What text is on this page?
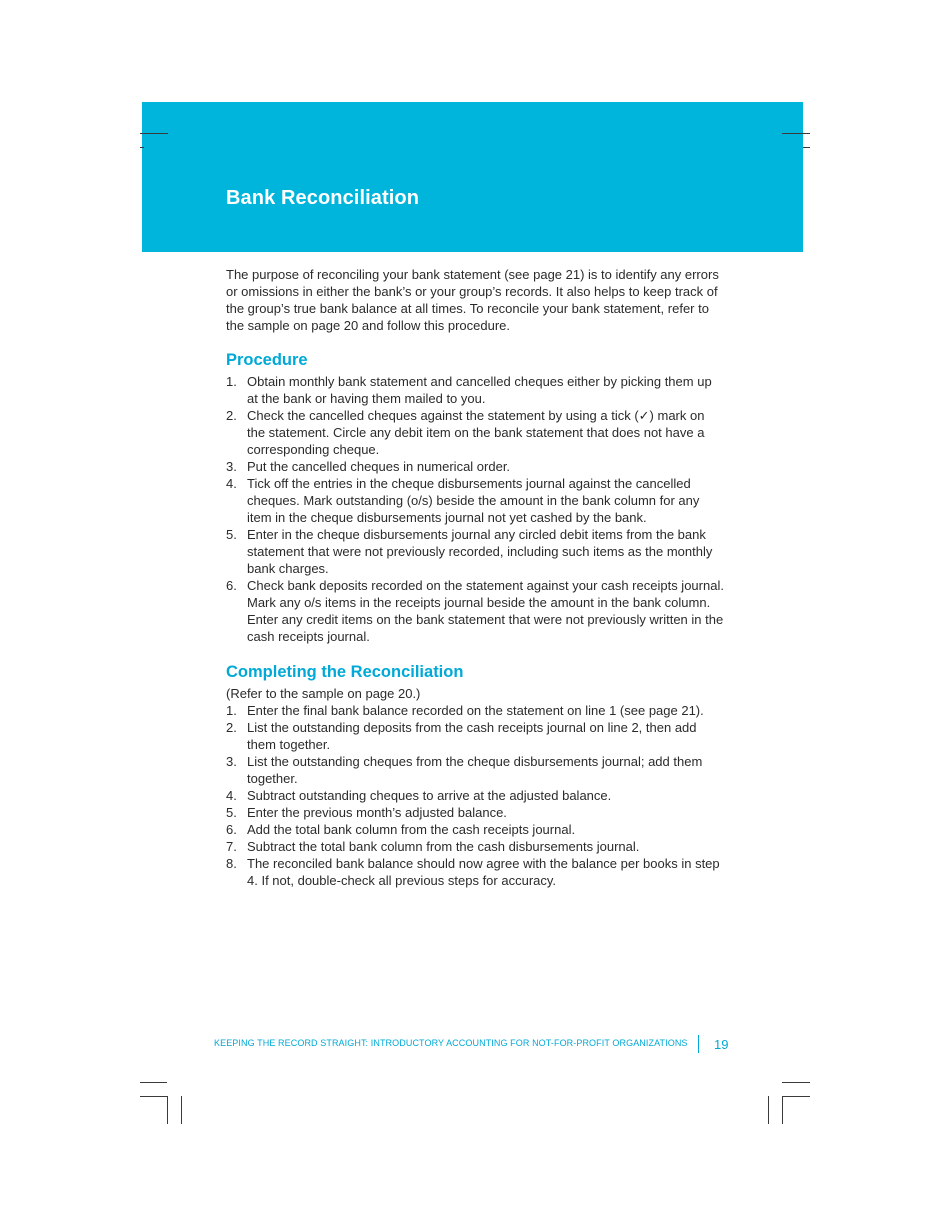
Bank Reconciliation

The purpose of reconciling your bank statement (see page 21) is to identify any errors or omissions in either the bank’s or your group’s records. It also helps to keep track of the group’s true bank balance at all times. To reconcile your bank statement, refer to the sample on page 20 and follow this procedure.

Procedure
1. Obtain monthly bank statement and cancelled cheques either by picking them up at the bank or having them mailed to you.
2. Check the cancelled cheques against the statement by using a tick (✓) mark on the statement. Circle any debit item on the bank statement that does not have a corresponding cheque.
3. Put the cancelled cheques in numerical order.
4. Tick off the entries in the cheque disbursements journal against the cancelled cheques. Mark outstanding (o/s) beside the amount in the bank column for any item in the cheque disbursements journal not yet cashed by the bank.
5. Enter in the cheque disbursements journal any circled debit items from the bank statement that were not previously recorded, including such items as the monthly bank charges.
6. Check bank deposits recorded on the statement against your cash receipts journal. Mark any o/s items in the receipts journal beside the amount in the bank column. Enter any credit items on the bank statement that were not previously written in the cash receipts journal.
Completing the Reconciliation

(Refer to the sample on page 20.)

1. Enter the final bank balance recorded on the statement on line 1 (see page 21).
2. List the outstanding deposits from the cash receipts journal on line 2, then add them together.
3. List the outstanding cheques from the cheque disbursements journal; add them together.
4. Subtract outstanding cheques to arrive at the adjusted balance.
5. Enter the previous month’s adjusted balance.
6. Add the total bank column from the cash receipts journal.
7. Subtract the total bank column from the cash disbursements journal.
8. The reconciled bank balance should now agree with the balance per books in step 4. If not, double-check all previous steps for accuracy.
KEEPING THE RECORD STRAIGHT: INTRODUCTORY ACCOUNTING FOR NOT-FOR-PROFIT ORGANIZATIONS 19
